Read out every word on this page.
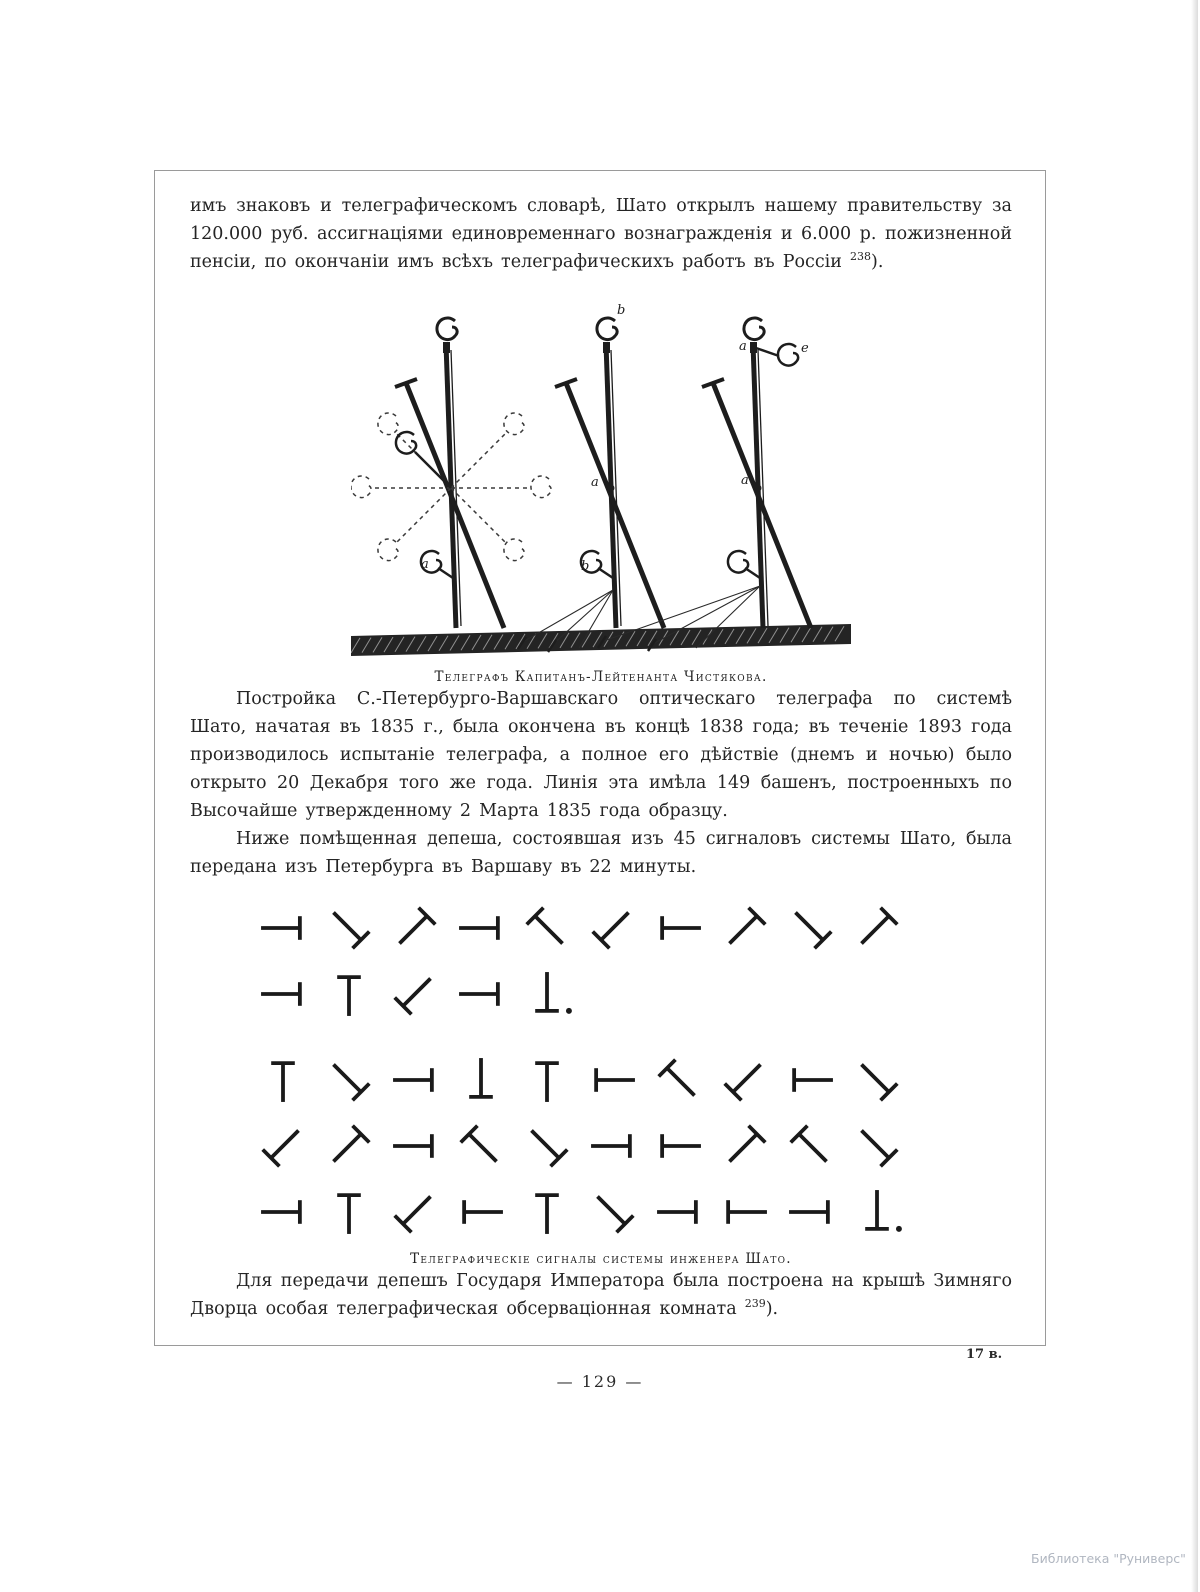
имъ знаковъ и телеграфическомъ словарѣ, Шато открылъ нашему правительству за 120.000 руб. ассигнаціями единовременнаго вознагражденія и 6.000 р. пожизненной пенсіи, по окончаніи имъ всѣхъ телеграфическихъ работъ въ Россіи $^{238}$).

b
a
b
a	e
a
a
Телеграфъ Капитанъ-Лейтенанта Чистякова.

Постройка С.-Петербурго-Варшавскаго оптическаго телеграфа по системѣ Шато, начатая въ 1835 г., была окончена въ концѣ 1838 года; въ теченіе 1893 года производилось испытаніе телеграфа, а полное его дѣйствіе (днемъ и ночью) было открыто 20 Декабря того же года. Линія эта имѣла 149 башенъ, построенныхъ по Высочайше утвержденному 2 Марта 1835 года образцу.

Ниже помѣщенная депеша, состоявшая изъ 45 сигналовъ системы Шато, была передана изъ Петербурга въ Варшаву въ 22 минуты.

Телеграфическіе сигналы системы инженера Шато.

Для передачи депешъ Государя Императора была построена на крышѣ Зимняго Дворца особая телеграфическая обсерваціонная комната $^{239}$).

17 в.
— 129 —
Библиотека "Руниверс"
